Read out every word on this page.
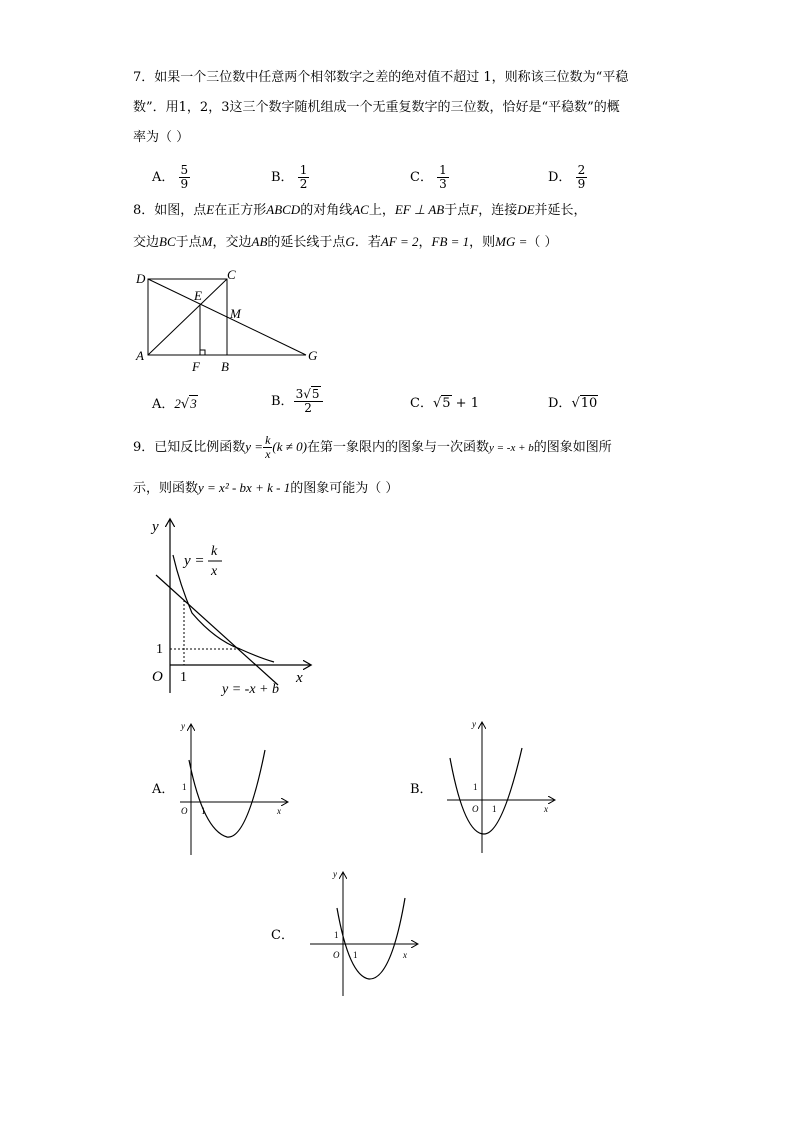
7．如果一个三位数中任意两个相邻数字之差的绝对值不超过 1，则称该三位数为“平稳
数”．用1，2，3这三个数字随机组成一个无重复数字的三位数，恰好是“平稳数”的概
率为（ ）
A． $\frac{5}{9}$	B． $\frac{1}{2}$	C． $\frac{1}{3}$	D． $\frac{2}{9}$
8．如图，点E在正方形ABCD的对角线AC上，EF ⊥ AB于点F，连接DE并延长，
交边BC于点M，交边AB的延长线于点G．若AF = 2，FB = 1，则MG =（ ）
D	C
E
M
A
F B
G
A．2√3	B． $\frac{3√5}{2}$	C．√5 + 1	D．√10
9．已知反比例函数$y = \frac{k}{x} (k \ne 0)$在第一象限内的图象与一次函数y = -x + b的图象如图所
示，则函数y = x² - bx + k - 1的图象可能为（ ）
y
x
O 1
1
y =
k
x
y = -x + b
A．
y
x
O 1
1	B．
y
x
O 1
1
C．
y
x
O 1
1
